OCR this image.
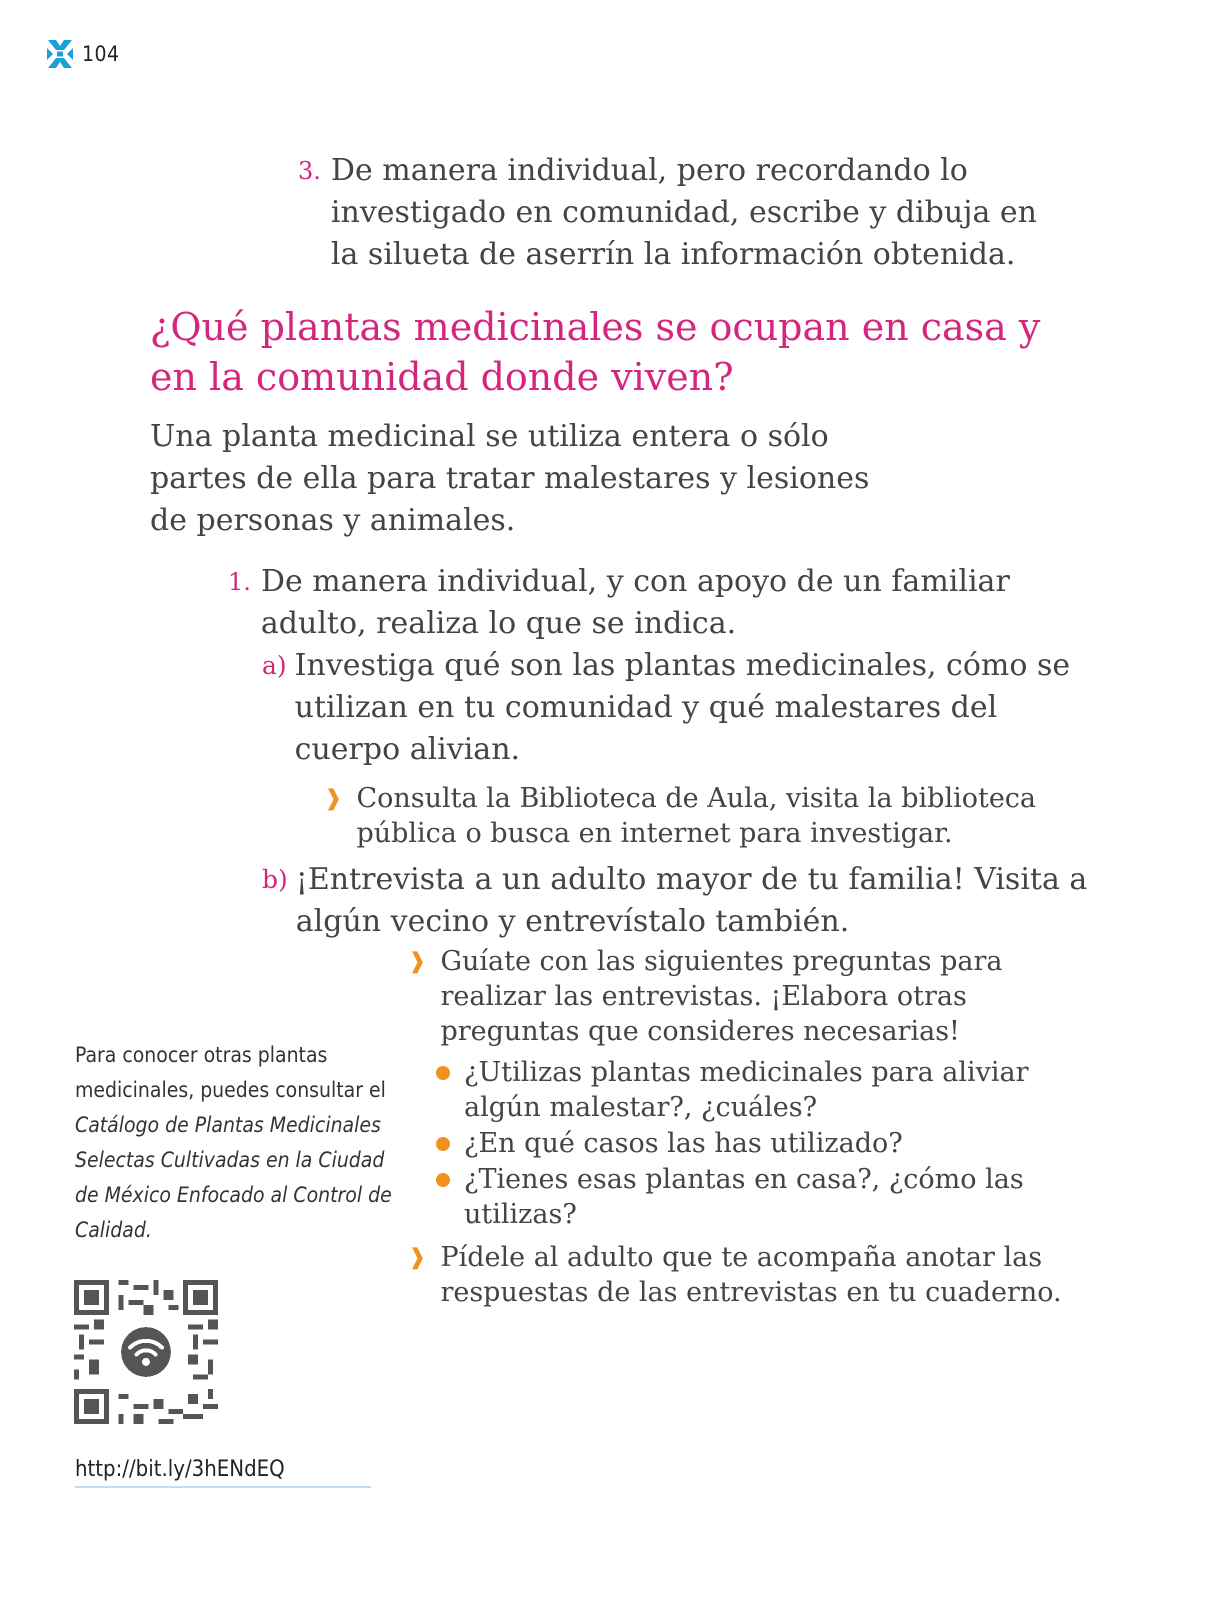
104
3. De manera individual, pero recordando lo investigado en comunidad, escribe y dibuja en la silueta de aserrín la información obtenida.
¿Qué plantas medicinales se ocupan en casa y en la comunidad donde viven?
Una planta medicinal se utiliza entera o sólo partes de ella para tratar malestares y lesiones de personas y animales.
1. De manera individual, y con apoyo de un familiar adulto, realiza lo que se indica.
a) Investiga qué son las plantas medicinales, cómo se utilizan en tu comunidad y qué malestares del cuerpo alivian.
❱ Consulta la Biblioteca de Aula, visita la biblioteca pública o busca en internet para investigar.
b) ¡Entrevista a un adulto mayor de tu familia! Visita a algún vecino y entrevístalo también.
❱ Guíate con las siguientes preguntas para realizar las entrevistas. ¡Elabora otras preguntas que consideres necesarias!
¿Utilizas plantas medicinales para aliviar algún malestar?, ¿cuáles?
¿En qué casos las has utilizado?
¿Tienes esas plantas en casa?, ¿cómo las utilizas?
❱ Pídele al adulto que te acompaña anotar las respuestas de las entrevistas en tu cuaderno.
Para conocer otras plantas medicinales, puedes consultar el Catálogo de Plantas Medicinales Selectas Cultivadas en la Ciudad de México Enfocado al Control de Calidad.
http://bit.ly/3hENdEQ
